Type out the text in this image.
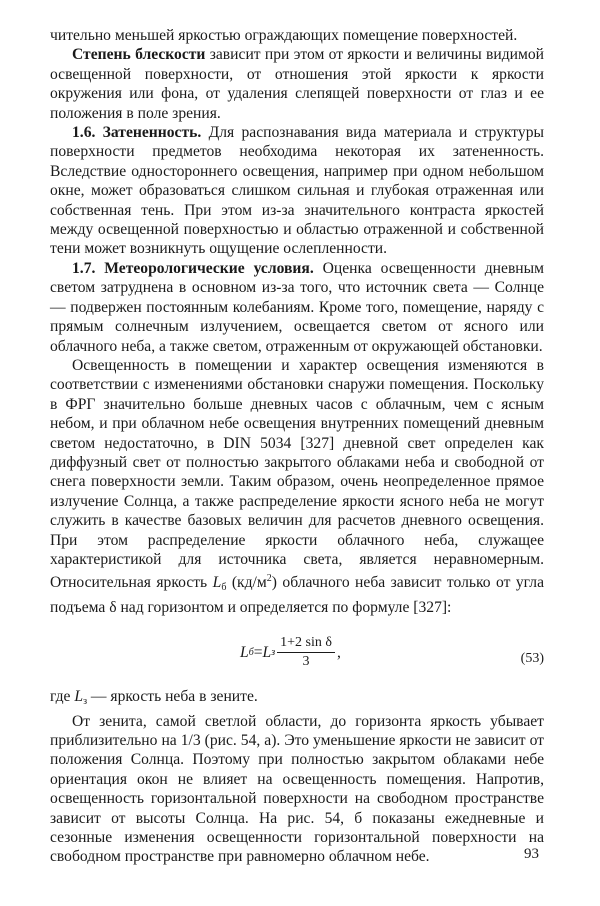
чительно меньшей яркостью ограждающих помещение поверхностей.

Степень блескости зависит при этом от яркости и величины видимой освещенной поверхности, от отношения этой яркости к яркости окружения или фона, от удаления слепящей поверхности от глаз и ее положения в поле зрения.

1.6. Затененность. Для распознавания вида материала и структуры поверхности предметов необходима некоторая их затененность. Вследствие одностороннего освещения, например при одном небольшом окне, может образоваться слишком сильная и глубокая отраженная или собственная тень. При этом из-за значительного контраста яркостей между освещенной поверхностью и областью отраженной и собственной тени может возникнуть ощущение ослепленности.

1.7. Метеорологические условия. Оценка освещенности дневным светом затруднена в основном из-за того, что источник света — Солнце — подвержен постоянным колебаниям. Кроме того, помещение, наряду с прямым солнечным излучением, освещается светом от ясного или облачного неба, а также светом, отраженным от окружающей обстановки.

Освещенность в помещении и характер освещения изменяются в соответствии с изменениями обстановки снаружи помещения. Поскольку в ФРГ значительно больше дневных часов с облачным, чем с ясным небом, и при облачном небе освещения внутренних помещений дневным светом недостаточно, в DIN 5034 [327] дневной свет определен как диффузный свет от полностью закрытого облаками неба и свободной от снега поверхности земли. Таким образом, очень неопределенное прямое излучение Солнца, а также распределение яркости ясного неба не могут служить в качестве базовых величин для расчетов дневного освещения. При этом распределение яркости облачного неба, служащее характеристикой для источника света, является неравномерным. Относительная яркость $L_б$ $(кд/м^2)$ облачного неба зависит только от угла подъема δ над горизонтом и определяется по формуле [327]:

L б = L з $\frac{\text{1+2 sin δ}}{3}$ ,	(53)

где $L_з$ — яркость неба в зените.

От зенита, самой светлой области, до горизонта яркость убывает приблизительно на 1/3 (рис. 54, а). Это уменьшение яркости не зависит от положения Солнца. Поэтому при полностью закрытом облаками небе ориентация окон не влияет на освещенность помещения. Напротив, освещенность горизонтальной поверхности на свободном пространстве зависит от высоты Солнца. На рис. 54, б показаны ежедневные и сезонные изменения освещенности горизонтальной поверхности на свободном пространстве при равномерно облачном небе.	93
